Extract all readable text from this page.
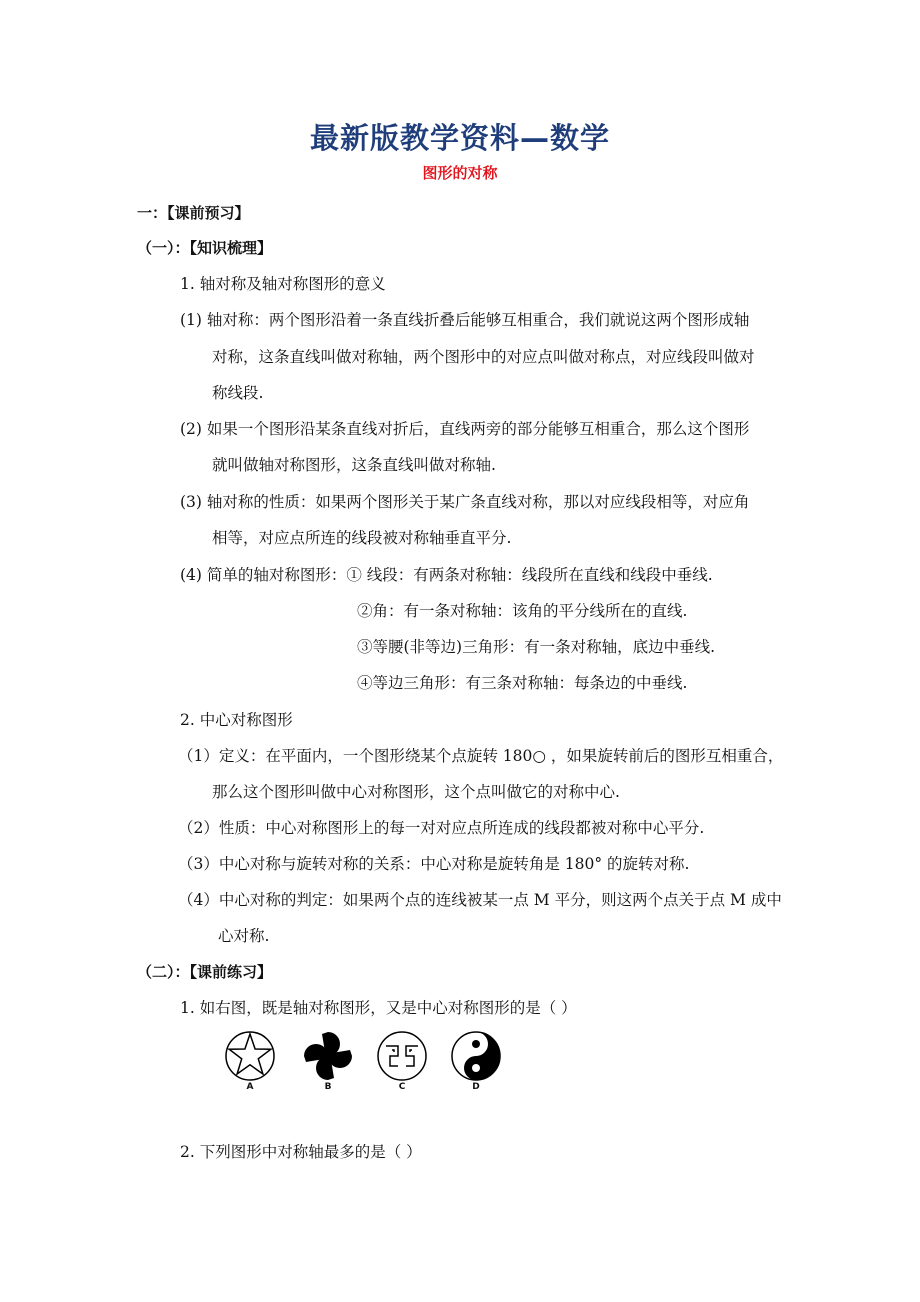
最新版教学资料—数学
图形的对称
一：【课前预习】
（一）：【知识梳理】
1. 轴对称及轴对称图形的意义
(1) 轴对称：两个图形沿着一条直线折叠后能够互相重合，我们就说这两个图形成轴
对称，这条直线叫做对称轴，两个图形中的对应点叫做对称点，对应线段叫做对
称线段.
(2) 如果一个图形沿某条直线对折后，直线两旁的部分能够互相重合，那么这个图形
就叫做轴对称图形，这条直线叫做对称轴.
(3) 轴对称的性质：如果两个图形关于某广条直线对称，那以对应线段相等，对应角
相等，对应点所连的线段被对称轴垂直平分.
(4) 简单的轴对称图形：① 线段：有两条对称轴：线段所在直线和线段中垂线.
②角：有一条对称轴：该角的平分线所在的直线.
③等腰(非等边)三角形：有一条对称轴，底边中垂线.
④等边三角形：有三条对称轴：每条边的中垂线.
2. 中心对称图形
（1）定义：在平面内，一个图形绕某个点旋转 180○ ，如果旋转前后的图形互相重合，
那么这个图形叫做中心对称图形，这个点叫做它的对称中心.
（2）性质：中心对称图形上的每一对对应点所连成的线段都被对称中心平分.
（3）中心对称与旋转对称的关系：中心对称是旋转角是 180° 的旋转对称.
（4）中心对称的判定：如果两个点的连线被某一点 M 平分，则这两个点关于点 M 成中
心对称.
（二）：【课前练习】
1. 如右图，既是轴对称图形，又是中心对称图形的是（ ）
A	B	C	D
2. 下列图形中对称轴最多的是（ ）
